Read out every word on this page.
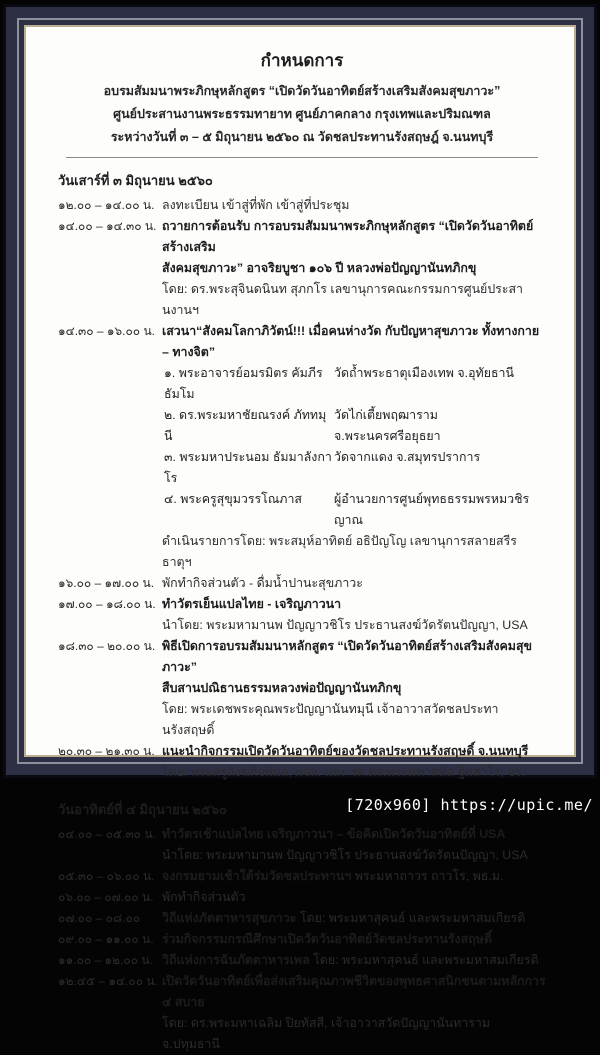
กำหนดการ
อบรมสัมมนาพระภิกษุหลักสูตร “เปิดวัดวันอาทิตย์สร้างเสริมสังคมสุขภาวะ”
ศูนย์ประสานงานพระธรรมทายาท ศูนย์ภาคกลาง กรุงเทพและปริมณฑล
ระหว่างวันที่ ๓ – ๕ มิถุนายน ๒๕๖๐ ณ วัดชลประทานรังสฤษฎ์ จ.นนทบุรี
วันเสาร์ที่ ๓ มิถุนายน ๒๕๖๐
๑๒.๐๐ – ๑๔.๐๐ น. ลงทะเบียน เข้าสู่ที่พัก เข้าสู่ที่ประชุม
๑๔.๐๐ – ๑๔.๓๐ น. ถวายการต้อนรับ การอบรมสัมมนาพระภิกษุหลักสูตร “เปิดวัดวันอาทิตย์สร้างเสริม
สังคมสุขภาวะ” อาจริยบูชา ๑๐๖ ปี หลวงพ่อปัญญานันทภิกขุ
โดย: ดร.พระสุจินดนินท สุภกโร เลขานุการคณะกรรมการศูนย์ประสานงานฯ
๑๔.๓๐ – ๑๖.๐๐ น. เสวนา“สังคมโลกาภิวัตน์!!! เมื่อคนห่างวัด กับปัญหาสุขภาวะ ทั้งทางกาย – ทางจิต”
๑. พระอาจารย์อมรมิตร คัมภีรธัมโม
วัดถ้ำพระธาตุเมืองเทพ จ.อุทัยธานี
๒. ดร.พระมหาชัยณรงค์ ภัททมุนี
วัดไก่เตี้ยพฤฒาราม จ.พระนครศรีอยุธยา
๓. พระมหาประนอม ธัมมาลังกาโร
วัดจากแดง จ.สมุทรปราการ
๔. พระครูสุขุมวรรโณภาส	ผู้อำนวยการศูนย์พุทธธรรมพรหมวชิรญาณ
ดำเนินรายการโดย: พระสมุห์อาทิตย์ อธิปัญโญ เลขานุการสลายสรีรธาตุฯ
๑๖.๐๐ – ๑๗.๐๐ น. พักทำกิจส่วนตัว - ดื่มน้ำปานะสุขภาวะ
๑๗.๐๐ – ๑๘.๐๐ น. ทำวัตรเย็นแปลไทย - เจริญภาวนา
นำโดย: พระมหามานพ ปัญญาวชิโร ประธานสงฆ์วัดรัตนปัญญา, USA
๑๘.๓๐ – ๒๐.๐๐ น. พิธีเปิดการอบรมสัมมนาหลักสูตร “เปิดวัดวันอาทิตย์สร้างเสริมสังคมสุขภาวะ”
สืบสานปณิธานธรรมหลวงพ่อปัญญานันทภิกขุ
โดย: พระเดชพระคุณพระปัญญานันทมุนี เจ้าอาวาสวัดชลประทานรังสฤษดิ์
๒๐.๓๐ – ๒๑.๓๐ น. แนะนำกิจกรรมเปิดวัดวันอาทิตย์ของวัดชลประทานรังสฤษดิ์ จ.นนทบุรี
โดย: พระครูสังฆกิจพิมล, ผจล. และ รศ.ดร.พระมหาสหัส ฐิตสาโร, จร.
วันอาทิตย์ที่ ๔ มิถุนายน ๒๕๖๐
๐๔.๐๐ – ๐๕.๓๐ น. ทำวัตรเช้าแปลไทย เจริญภาวนา – ข้อคิดเปิดวัดวันอาทิตย์ที่ USA
นำโดย: พระมหามานพ ปัญญาวชิโร ประธานสงฆ์วัดรัตนปัญญา, USA
๐๕.๓๐ – ๐๖.๐๐ น. จงกรมยามเช้าใต้ร่มวัดชลประทานฯ พระมหาถาวร ถาวโร, พธ.ม.
๐๖.๐๐ – ๐๗.๐๐ น. พักทำกิจส่วนตัว
๐๗.๐๐ – ๐๘.๐๐	วิถีแห่งภัตตาหารสุขภาวะ โดย: พระมหาสุคนธ์ และพระมหาสมเกียรติ
๐๙.๐๐ – ๑๑.๐๐ น. ร่วมกิจกรรมกรณีศึกษาเปิดวัดวันอาทิตย์วัดชลประทานรังสฤษดิ์
๑๑.๐๐ – ๑๒.๐๐ น. วิถีแห่งการฉันภัตตาหารเพล โดย: พระมหาสุคนธ์ และพระมหาสมเกียรติ
๑๒.๔๕ – ๑๔.๐๐ น. เปิดวัดวันอาทิตย์เพื่อส่งเสริมคุณภาพชีวิตของพุทธศาสนิกชนตามหลักการ ๔ สบาย
โดย: ดร.พระมหาเฉลิม ปิยทัสสี, เจ้าอาวาสวัดปัญญานันทาราม จ.ปทุมธานี
[720x960] https://upic.me/
